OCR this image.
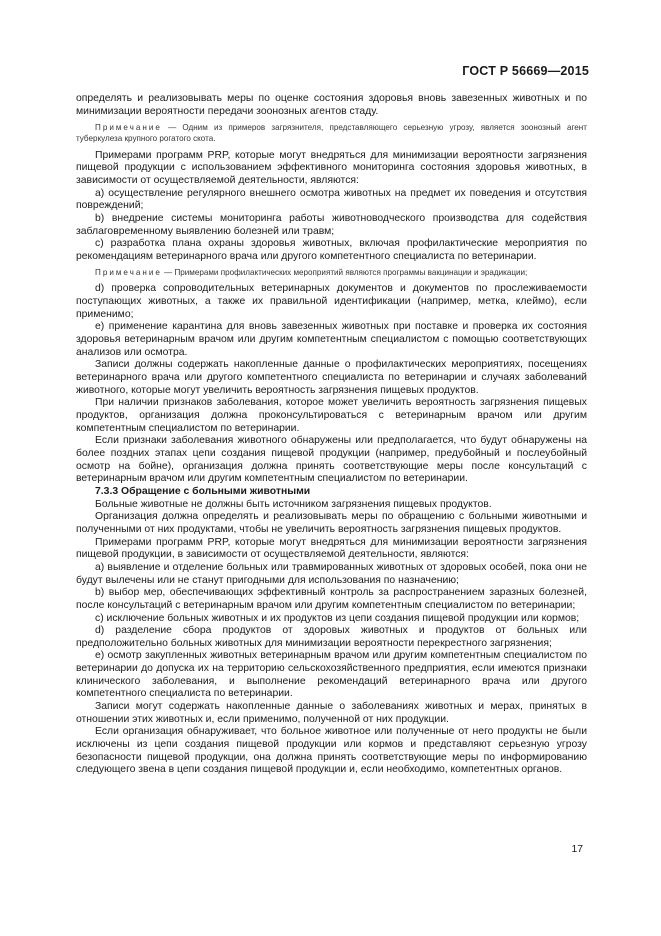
ГОСТ Р 56669—2015

определять и реализовывать меры по оценке состояния здоровья вновь завезенных животных и по минимизации вероятности передачи зоонозных агентов стаду.

Примечание — Одним из примеров загрязнителя, представляющего серьезную угрозу, является зоонозный агент туберкулеза крупного рогатого скота.

Примерами программ PRP, которые могут внедряться для минимизации вероятности загрязнения пищевой продукции с использованием эффективного мониторинга состояния здоровья животных, в зависимости от осуществляемой деятельности, являются:

a) осуществление регулярного внешнего осмотра животных на предмет их поведения и отсутствия повреждений;

b) внедрение системы мониторинга работы животноводческого производства для содействия заблаговременному выявлению болезней или травм;

c) разработка плана охраны здоровья животных, включая профилактические мероприятия по рекомендациям ветеринарного врача или другого компетентного специалиста по ветеринарии.

Примечание — Примерами профилактических мероприятий являются программы вакцинации и эрадикации;

d) проверка сопроводительных ветеринарных документов и документов по прослеживаемости поступающих животных, а также их правильной идентификации (например, метка, клеймо), если применимо;

e) применение карантина для вновь завезенных животных при поставке и проверка их состояния здоровья ветеринарным врачом или другим компетентным специалистом с помощью соответствующих анализов или осмотра.

Записи должны содержать накопленные данные о профилактических мероприятиях, посещениях ветеринарного врача или другого компетентного специалиста по ветеринарии и случаях заболеваний животного, которые могут увеличить вероятность загрязнения пищевых продуктов.

При наличии признаков заболевания, которое может увеличить вероятность загрязнения пищевых продуктов, организация должна проконсультироваться с ветеринарным врачом или другим компетентным специалистом по ветеринарии.

Если признаки заболевания животного обнаружены или предполагается, что будут обнаружены на более поздних этапах цепи создания пищевой продукции (например, предубойный и послеубойный осмотр на бойне), организация должна принять соответствующие меры после консультаций с ветеринарным врачом или другим компетентным специалистом по ветеринарии.

7.3.3 Обращение с больными животными

Больные животные не должны быть источником загрязнения пищевых продуктов.

Организация должна определять и реализовывать меры по обращению с больными животными и полученными от них продуктами, чтобы не увеличить вероятность загрязнения пищевых продуктов.

Примерами программ PRP, которые могут внедряться для минимизации вероятности загрязнения пищевой продукции, в зависимости от осуществляемой деятельности, являются:

a) выявление и отделение больных или травмированных животных от здоровых особей, пока они не будут вылечены или не станут пригодными для использования по назначению;

b) выбор мер, обеспечивающих эффективный контроль за распространением заразных болезней, после консультаций с ветеринарным врачом или другим компетентным специалистом по ветеринарии;

c) исключение больных животных и их продуктов из цепи создания пищевой продукции или кормов;

d) разделение сбора продуктов от здоровых животных и продуктов от больных или предположительно больных животных для минимизации вероятности перекрестного загрязнения;

e) осмотр закупленных животных ветеринарным врачом или другим компетентным специалистом по ветеринарии до допуска их на территорию сельскохозяйственного предприятия, если имеются признаки клинического заболевания, и выполнение рекомендаций ветеринарного врача или другого компетентного специалиста по ветеринарии.

Записи могут содержать накопленные данные о заболеваниях животных и мерах, принятых в отношении этих животных и, если применимо, полученной от них продукции.

Если организация обнаруживает, что больное животное или полученные от него продукты не были исключены из цепи создания пищевой продукции или кормов и представляют серьезную угрозу безопасности пищевой продукции, она должна принять соответствующие меры по информированию следующего звена в цепи создания пищевой продукции и, если необходимо, компетентных органов.

17
